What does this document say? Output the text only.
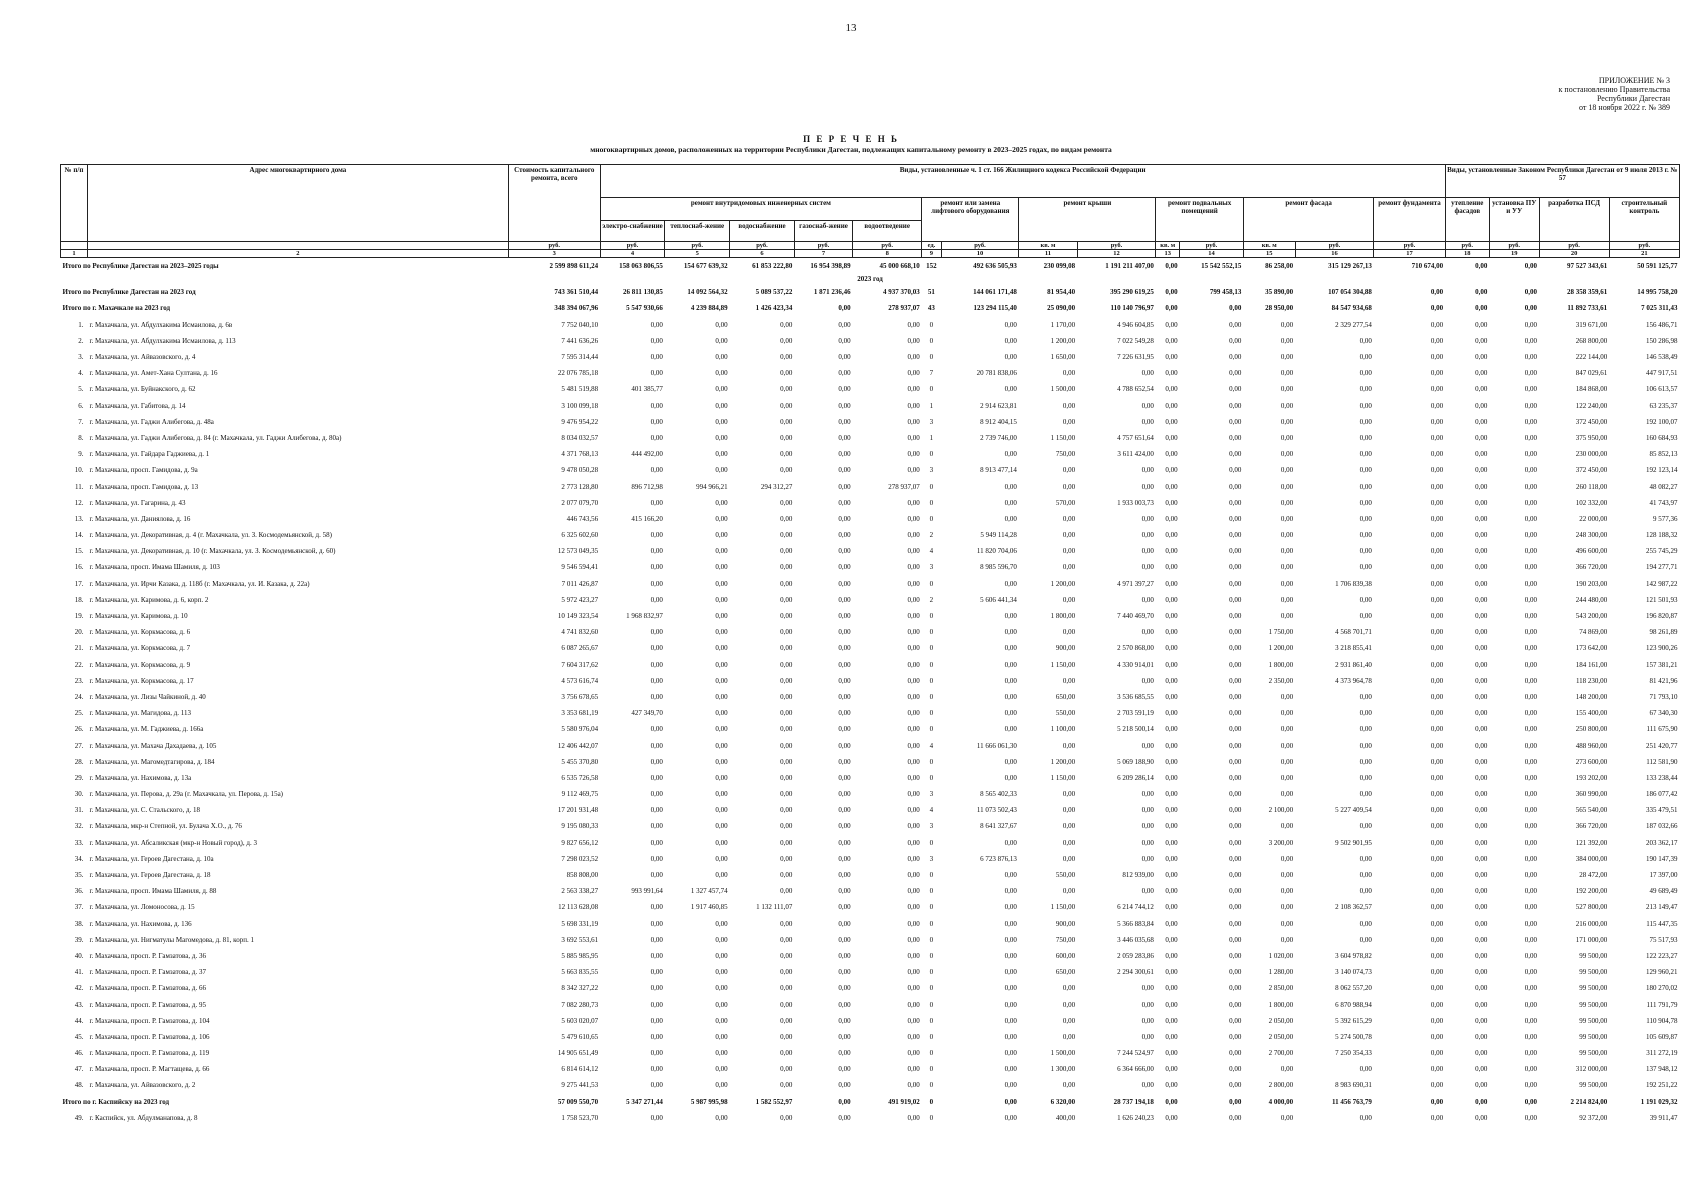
13
ПРИЛОЖЕНИЕ № 3
к постановлению Правительства
Республики Дагестан
от 18 ноября 2022 г. № 389
П Е Р Е Ч Е Н Ь
многоквартирных домов, расположенных на территории Республики Дагестан, подлежащих капитальному ремонту в 2023–2025 годах, по видам ремонта
№ п/п	Адрес многоквартирного дома	Стоимость капитального ремонта, всего	Виды, установленные ч. 1 ст. 166 Жилищного кодекса Российской Федерации														Виды, установленные Законом Республики Дагестан от 9 июля 2013 г. № 57			
			ремонт внутридомовых инженерных систем					ремонт или замена лифтового оборудования		ремонт крыши		ремонт подвальных помещений		ремонт фасада		ремонт фундамента	утепление фасадов	установка ПУ и УУ	разработка ПСД	строительный контроль
			электро-снабжение	теплоснаб-жение	водоснабжение	газоснаб-жение	водоотведение													
		руб.	руб.	руб.	руб.	руб.	руб.	ед.	руб.	кв. м	руб.	кв. м	руб.	кв. м	руб.	руб.	руб.	руб.	руб.	руб.
1	2	3	4	5	6	7	8	9	10	11	12	13	14	15	16	17	18	19	20	21
Итого по Республике Дагестан на 2023–2025 годы		2 599 898 611,24	158 063 806,55	154 677 639,32	61 853 222,80	16 954 398,89	45 000 668,10	152	492 636 505,93	230 099,08	1 191 211 407,00	0,00	15 542 552,15	86 258,00	315 129 267,13	710 674,00	0,00	0,00	97 527 343,61	50 591 125,77
2023 год																				
Итого по Республике Дагестан на 2023 год		743 361 510,44	26 811 130,85	14 092 564,32	5 089 537,22	1 871 236,46	4 937 370,03	51	144 061 171,48	81 954,40	395 290 619,25	0,00	799 458,13	35 890,00	107 054 304,88	0,00	0,00	0,00	28 358 359,61	14 995 758,20
Итого по г. Махачкале на 2023 год		348 394 067,96	5 547 930,66	4 239 884,89	1 426 423,34	0,00	278 937,07	43	123 294 115,40	25 090,00	110 140 796,97	0,00	0,00	28 950,00	84 547 934,68	0,00	0,00	0,00	11 892 733,61	7 025 311,43
1.	г. Махачкала, ул. Абдулхакима Исмаилова, д. 6в	7 752 040,10	0,00	0,00	0,00	0,00	0,00	0	0,00	1 170,00	4 946 604,85	0,00	0,00	0,00	2 329 277,54	0,00	0,00	0,00	319 671,00	156 486,71
2.	г. Махачкала, ул. Абдулхакима Исмаилова, д. 113	7 441 636,26	0,00	0,00	0,00	0,00	0,00	0	0,00	1 200,00	7 022 549,28	0,00	0,00	0,00	0,00	0,00	0,00	0,00	268 800,00	150 286,98
3.	г. Махачкала, ул. Айвазовского, д. 4	7 595 314,44	0,00	0,00	0,00	0,00	0,00	0	0,00	1 650,00	7 226 631,95	0,00	0,00	0,00	0,00	0,00	0,00	0,00	222 144,00	146 538,49
4.	г. Махачкала, ул. Амет-Хана Султана, д. 16	22 076 785,18	0,00	0,00	0,00	0,00	0,00	7	20 781 838,06	0,00	0,00	0,00	0,00	0,00	0,00	0,00	0,00	0,00	847 029,61	447 917,51
5.	г. Махачкала, ул. Буйнакского, д. 62	5 481 519,88	401 385,77	0,00	0,00	0,00	0,00	0	0,00	1 500,00	4 788 652,54	0,00	0,00	0,00	0,00	0,00	0,00	0,00	184 868,00	106 613,57
6.	г. Махачкала, ул. Габитова, д. 14	3 100 099,18	0,00	0,00	0,00	0,00	0,00	1	2 914 623,81	0,00	0,00	0,00	0,00	0,00	0,00	0,00	0,00	0,00	122 240,00	63 235,37
7.	г. Махачкала, ул. Гаджи Алибегова, д. 48а	9 476 954,22	0,00	0,00	0,00	0,00	0,00	3	8 912 404,15	0,00	0,00	0,00	0,00	0,00	0,00	0,00	0,00	0,00	372 450,00	192 100,07
8.	г. Махачкала, ул. Гаджи Алибегова, д. 84 (г. Махачкала, ул. Гаджи Алибегова, д. 80а)	8 034 032,57	0,00	0,00	0,00	0,00	0,00	1	2 739 746,00	1 150,00	4 757 651,64	0,00	0,00	0,00	0,00	0,00	0,00	0,00	375 950,00	160 684,93
9.	г. Махачкала, ул. Гайдара Гаджиева, д. 1	4 371 768,13	444 492,00	0,00	0,00	0,00	0,00	0	0,00	750,00	3 611 424,00	0,00	0,00	0,00	0,00	0,00	0,00	0,00	230 000,00	85 852,13
10.	г. Махачкала, просп. Гамидова, д. 9а	9 478 050,28	0,00	0,00	0,00	0,00	0,00	3	8 913 477,14	0,00	0,00	0,00	0,00	0,00	0,00	0,00	0,00	0,00	372 450,00	192 123,14
11.	г. Махачкала, просп. Гамидова, д. 13	2 773 128,80	896 712,98	994 966,21	294 312,27	0,00	278 937,07	0	0,00	0,00	0,00	0,00	0,00	0,00	0,00	0,00	0,00	0,00	260 118,00	48 082,27
12.	г. Махачкала, ул. Гагарина, д. 43	2 077 079,70	0,00	0,00	0,00	0,00	0,00	0	0,00	570,00	1 933 003,73	0,00	0,00	0,00	0,00	0,00	0,00	0,00	102 332,00	41 743,97
13.	г. Махачкала, ул. Даниялова, д. 16	446 743,56	415 166,20	0,00	0,00	0,00	0,00	0	0,00	0,00	0,00	0,00	0,00	0,00	0,00	0,00	0,00	0,00	22 000,00	9 577,36
14.	г. Махачкала, ул. Декоративная, д. 4 (г. Махачкала, ул. З. Космодемьянской, д. 58)	6 325 602,60	0,00	0,00	0,00	0,00	0,00	2	5 949 114,28	0,00	0,00	0,00	0,00	0,00	0,00	0,00	0,00	0,00	248 300,00	128 188,32
15.	г. Махачкала, ул. Декоративная, д. 10 (г. Махачкала, ул. З. Космодемьянской, д. 60)	12 573 049,35	0,00	0,00	0,00	0,00	0,00	4	11 820 704,06	0,00	0,00	0,00	0,00	0,00	0,00	0,00	0,00	0,00	496 600,00	255 745,29
16.	г. Махачкала, просп. Имама Шамиля, д. 103	9 546 594,41	0,00	0,00	0,00	0,00	0,00	3	8 985 596,70	0,00	0,00	0,00	0,00	0,00	0,00	0,00	0,00	0,00	366 720,00	194 277,71
17.	г. Махачкала, ул. Ирчи Казака, д. 118б (г. Махачкала, ул. И. Казака, д. 22а)	7 011 426,87	0,00	0,00	0,00	0,00	0,00	0	0,00	1 200,00	4 971 397,27	0,00	0,00	0,00	1 706 839,38	0,00	0,00	0,00	190 203,00	142 987,22
18.	г. Махачкала, ул. Каримова, д. 6, корп. 2	5 972 423,27	0,00	0,00	0,00	0,00	0,00	2	5 606 441,34	0,00	0,00	0,00	0,00	0,00	0,00	0,00	0,00	0,00	244 480,00	121 501,93
19.	г. Махачкала, ул. Каримова, д. 10	10 149 323,54	1 968 832,97	0,00	0,00	0,00	0,00	0	0,00	1 800,00	7 440 469,70	0,00	0,00	0,00	0,00	0,00	0,00	0,00	543 200,00	196 820,87
20.	г. Махачкала, ул. Коркмасова, д. 6	4 741 832,60	0,00	0,00	0,00	0,00	0,00	0	0,00	0,00	0,00	0,00	0,00	1 750,00	4 568 701,71	0,00	0,00	0,00	74 869,00	98 261,89
21.	г. Махачкала, ул. Коркмасова, д. 7	6 087 265,67	0,00	0,00	0,00	0,00	0,00	0	0,00	900,00	2 570 868,00	0,00	0,00	1 200,00	3 218 855,41	0,00	0,00	0,00	173 642,00	123 900,26
22.	г. Махачкала, ул. Коркмасова, д. 9	7 604 317,62	0,00	0,00	0,00	0,00	0,00	0	0,00	1 150,00	4 330 914,01	0,00	0,00	1 800,00	2 931 861,40	0,00	0,00	0,00	184 161,00	157 381,21
23.	г. Махачкала, ул. Коркмасова, д. 17	4 573 616,74	0,00	0,00	0,00	0,00	0,00	0	0,00	0,00	0,00	0,00	0,00	2 350,00	4 373 964,78	0,00	0,00	0,00	118 230,00	81 421,96
24.	г. Махачкала, ул. Лизы Чайкиной, д. 40	3 756 678,65	0,00	0,00	0,00	0,00	0,00	0	0,00	650,00	3 536 685,55	0,00	0,00	0,00	0,00	0,00	0,00	0,00	148 200,00	71 793,10
25.	г. Махачкала, ул. Магидова, д. 113	3 353 681,19	427 349,70	0,00	0,00	0,00	0,00	0	0,00	550,00	2 703 591,19	0,00	0,00	0,00	0,00	0,00	0,00	0,00	155 400,00	67 340,30
26.	г. Махачкала, ул. М. Гаджиева, д. 166а	5 580 976,04	0,00	0,00	0,00	0,00	0,00	0	0,00	1 100,00	5 218 500,14	0,00	0,00	0,00	0,00	0,00	0,00	0,00	250 800,00	111 675,90
27.	г. Махачкала, ул. Махача Дахадаева, д. 105	12 406 442,07	0,00	0,00	0,00	0,00	0,00	4	11 666 061,30	0,00	0,00	0,00	0,00	0,00	0,00	0,00	0,00	0,00	488 960,00	251 420,77
28.	г. Махачкала, ул. Магомедтагирова, д. 184	5 455 370,80	0,00	0,00	0,00	0,00	0,00	0	0,00	1 200,00	5 069 188,90	0,00	0,00	0,00	0,00	0,00	0,00	0,00	273 600,00	112 581,90
29.	г. Махачкала, ул. Нахимова, д. 13а	6 535 726,58	0,00	0,00	0,00	0,00	0,00	0	0,00	1 150,00	6 209 286,14	0,00	0,00	0,00	0,00	0,00	0,00	0,00	193 202,00	133 238,44
30.	г. Махачкала, ул. Перова, д. 29а (г. Махачкала, ул. Перова, д. 15а)	9 112 469,75	0,00	0,00	0,00	0,00	0,00	3	8 565 402,33	0,00	0,00	0,00	0,00	0,00	0,00	0,00	0,00	0,00	360 990,00	186 077,42
31.	г. Махачкала, ул. С. Стальского, д. 18	17 201 931,48	0,00	0,00	0,00	0,00	0,00	4	11 073 502,43	0,00	0,00	0,00	0,00	2 100,00	5 227 409,54	0,00	0,00	0,00	565 540,00	335 479,51
32.	г. Махачкала, мкр-н Степной, ул. Булача Х.О., д. 76	9 195 080,33	0,00	0,00	0,00	0,00	0,00	3	8 641 327,67	0,00	0,00	0,00	0,00	0,00	0,00	0,00	0,00	0,00	366 720,00	187 032,66
33.	г. Махачкала, ул. Абсаликская (мкр-н Новый город), д. 3	9 827 656,12	0,00	0,00	0,00	0,00	0,00	0	0,00	0,00	0,00	0,00	0,00	3 200,00	9 502 901,95	0,00	0,00	0,00	121 392,00	203 362,17
34.	г. Махачкала, ул. Героев Дагестана, д. 10а	7 298 023,52	0,00	0,00	0,00	0,00	0,00	3	6 723 876,13	0,00	0,00	0,00	0,00	0,00	0,00	0,00	0,00	0,00	384 000,00	190 147,39
35.	г. Махачкала, ул. Героев Дагестана, д. 18	858 808,00	0,00	0,00	0,00	0,00	0,00	0	0,00	550,00	812 939,00	0,00	0,00	0,00	0,00	0,00	0,00	0,00	28 472,00	17 397,00
36.	г. Махачкала, просп. Имама Шамиля, д. 88	2 563 338,27	993 991,64	1 327 457,74	0,00	0,00	0,00	0	0,00	0,00	0,00	0,00	0,00	0,00	0,00	0,00	0,00	0,00	192 200,00	49 689,49
37.	г. Махачкала, ул. Ломоносова, д. 15	12 113 628,08	0,00	1 917 460,85	1 132 111,07	0,00	0,00	0	0,00	1 150,00	6 214 744,12	0,00	0,00	0,00	2 108 362,57	0,00	0,00	0,00	527 800,00	213 149,47
38.	г. Махачкала, ул. Нахимова, д. 136	5 698 331,19	0,00	0,00	0,00	0,00	0,00	0	0,00	900,00	5 366 883,84	0,00	0,00	0,00	0,00	0,00	0,00	0,00	216 000,00	115 447,35
39.	г. Махачкала, ул. Нигматулы Магомедова, д. 81, корп. 1	3 692 553,61	0,00	0,00	0,00	0,00	0,00	0	0,00	750,00	3 446 035,68	0,00	0,00	0,00	0,00	0,00	0,00	0,00	171 000,00	75 517,93
40.	г. Махачкала, просп. Р. Гамзатова, д. 36	5 885 985,95	0,00	0,00	0,00	0,00	0,00	0	0,00	600,00	2 059 283,86	0,00	0,00	1 020,00	3 604 978,82	0,00	0,00	0,00	99 500,00	122 223,27
41.	г. Махачкала, просп. Р. Гамзатова, д. 37	5 663 835,55	0,00	0,00	0,00	0,00	0,00	0	0,00	650,00	2 294 300,61	0,00	0,00	1 280,00	3 140 074,73	0,00	0,00	0,00	99 500,00	129 960,21
42.	г. Махачкала, просп. Р. Гамзатова, д. 66	8 342 327,22	0,00	0,00	0,00	0,00	0,00	0	0,00	0,00	0,00	0,00	0,00	2 850,00	8 062 557,20	0,00	0,00	0,00	99 500,00	180 270,02
43.	г. Махачкала, просп. Р. Гамзатова, д. 95	7 082 280,73	0,00	0,00	0,00	0,00	0,00	0	0,00	0,00	0,00	0,00	0,00	1 800,00	6 870 988,94	0,00	0,00	0,00	99 500,00	111 791,79
44.	г. Махачкала, просп. Р. Гамзатова, д. 104	5 603 020,07	0,00	0,00	0,00	0,00	0,00	0	0,00	0,00	0,00	0,00	0,00	2 050,00	5 392 615,29	0,00	0,00	0,00	99 500,00	110 904,78
45.	г. Махачкала, просп. Р. Гамзатова, д. 106	5 479 610,65	0,00	0,00	0,00	0,00	0,00	0	0,00	0,00	0,00	0,00	0,00	2 050,00	5 274 500,78	0,00	0,00	0,00	99 500,00	105 609,87
46.	г. Махачкала, просп. Р. Гамзатова, д. 119	14 905 651,49	0,00	0,00	0,00	0,00	0,00	0	0,00	1 500,00	7 244 524,97	0,00	0,00	2 700,00	7 250 354,33	0,00	0,00	0,00	99 500,00	311 272,19
47.	г. Махачкала, просп. Р. Магтащева, д. 66	6 814 614,12	0,00	0,00	0,00	0,00	0,00	0	0,00	1 300,00	6 364 666,00	0,00	0,00	0,00	0,00	0,00	0,00	0,00	312 000,00	137 948,12
48.	г. Махачкала, ул. Айвазовского, д. 2	9 275 441,53	0,00	0,00	0,00	0,00	0,00	0	0,00	0,00	0,00	0,00	0,00	2 800,00	8 983 690,31	0,00	0,00	0,00	99 500,00	192 251,22
Итого по г. Каспийску на 2023 год		57 009 550,70	5 347 271,44	5 987 995,98	1 582 552,97	0,00	491 919,02	0	0,00	6 320,00	28 737 194,18	0,00	0,00	4 000,00	11 456 763,79	0,00	0,00	0,00	2 214 824,00	1 191 029,32
49.	г. Каспийск, ул. Абдулманапова, д. 8	1 758 523,70	0,00	0,00	0,00	0,00	0,00	0	0,00	400,00	1 626 240,23	0,00	0,00	0,00	0,00	0,00	0,00	0,00	92 372,00	39 911,47
